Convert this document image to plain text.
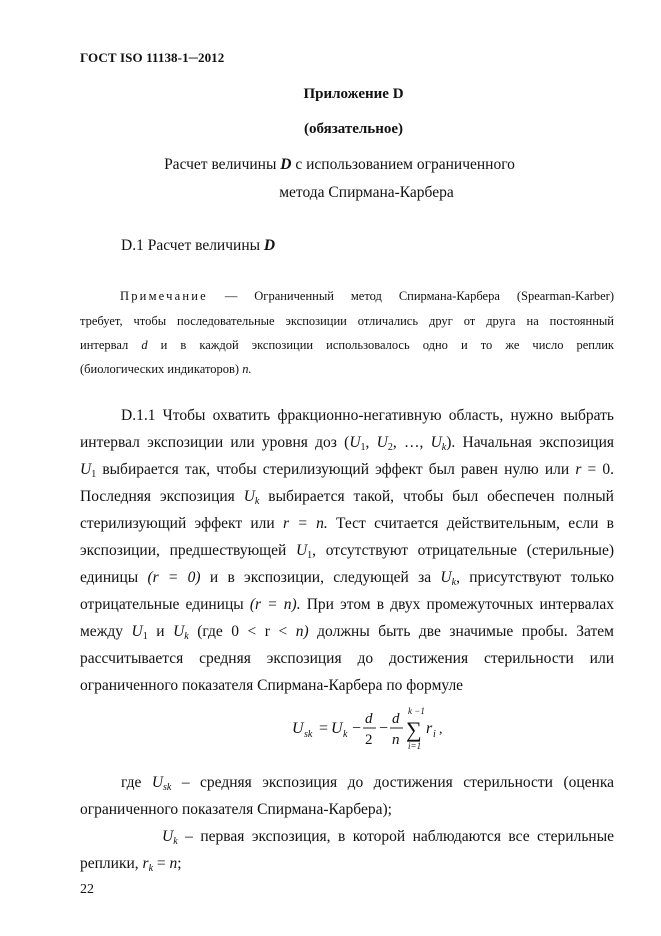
ГОСТ ISO 11138-1─2012
Приложение D
(обязательное)
Расчет величины D с использованием ограниченного
метода Спирмана-Карбера
D.1 Расчет величины D
Примечание — Ограниченный метод Спирмана-Карбера (Spearman-Karber)
требует, чтобы последовательные экспозиции отличались друг от друга на постоянный
интервал d и в каждой экспозиции использовалось одно и то же число реплик
(биологических индикаторов) n.
D.1.1 Чтобы охватить фракционно-негативную область, нужно выбрать
интервал экспозиции или уровня доз ($U_1$, $U_2$, …, $U_k$). Начальная экспозиция
$U_1$ выбирается так, чтобы стерилизующий эффект был равен нулю или r = 0.
Последняя экспозиция $U_k$ выбирается такой, чтобы был обеспечен полный
стерилизующий эффект или r = n. Тест считается действительным, если в
экспозиции, предшествующей $U_1$, отсутствуют отрицательные (стерильные)
единицы (r = 0) и в экспозиции, следующей за $U_k$, присутствуют только
отрицательные единицы (r = n). При этом в двух промежуточных интервалах
между $U_1$ и $U_k$ (где 0 < r < n) должны быть две значимые пробы. Затем
рассчитывается средняя экспозиция до достижения стерильности или
ограниченного показателя Спирмана-Карбера по формуле
U sk = U k −
d
2
−
d
n
k −1
∑
i=1
r i ,
где $U_{sk}$ – средняя экспозиция до достижения стерильности (оценка
ограниченного показателя Спирмана-Карбера);
$U_k$ – первая экспозиция, в которой наблюдаются все стерильные
реплики, $r_k = n$;
22
